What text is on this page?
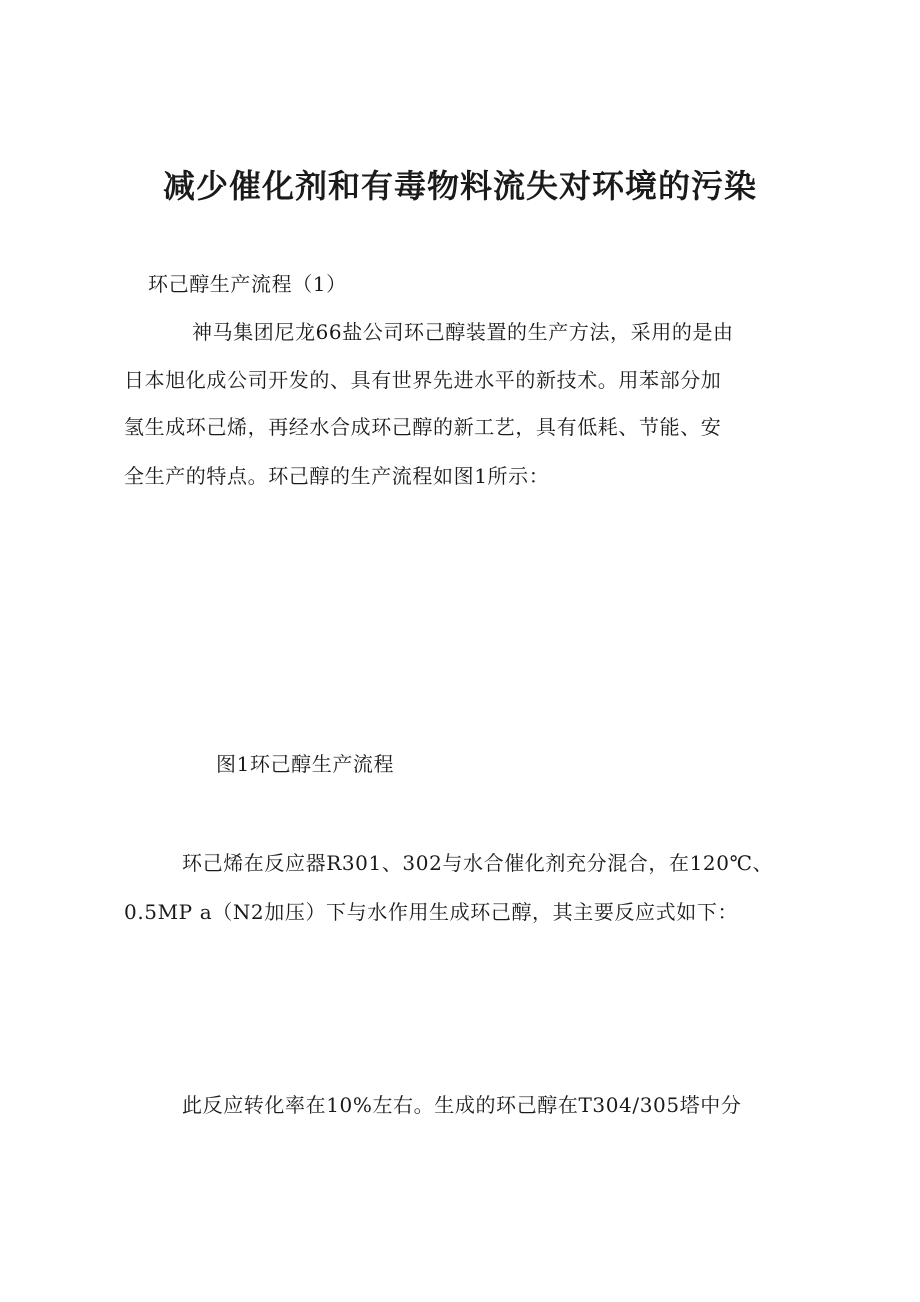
减少催化剂和有毒物料流失对环境的污染
环己醇生产流程（1）
神马集团尼龙66盐公司环己醇装置的生产方法，采用的是由
日本旭化成公司开发的、具有世界先进水平的新技术。用苯部分加
氢生成环己烯，再经水合成环己醇的新工艺，具有低耗、节能、安
全生产的特点。环己醇的生产流程如图1所示：
图1环己醇生产流程
环己烯在反应器R301、302与水合催化剂充分混合，在120℃、
0.5MP a（N2加压）下与水作用生成环己醇，其主要反应式如下：
此反应转化率在10%左右。生成的环己醇在T304/305塔中分
